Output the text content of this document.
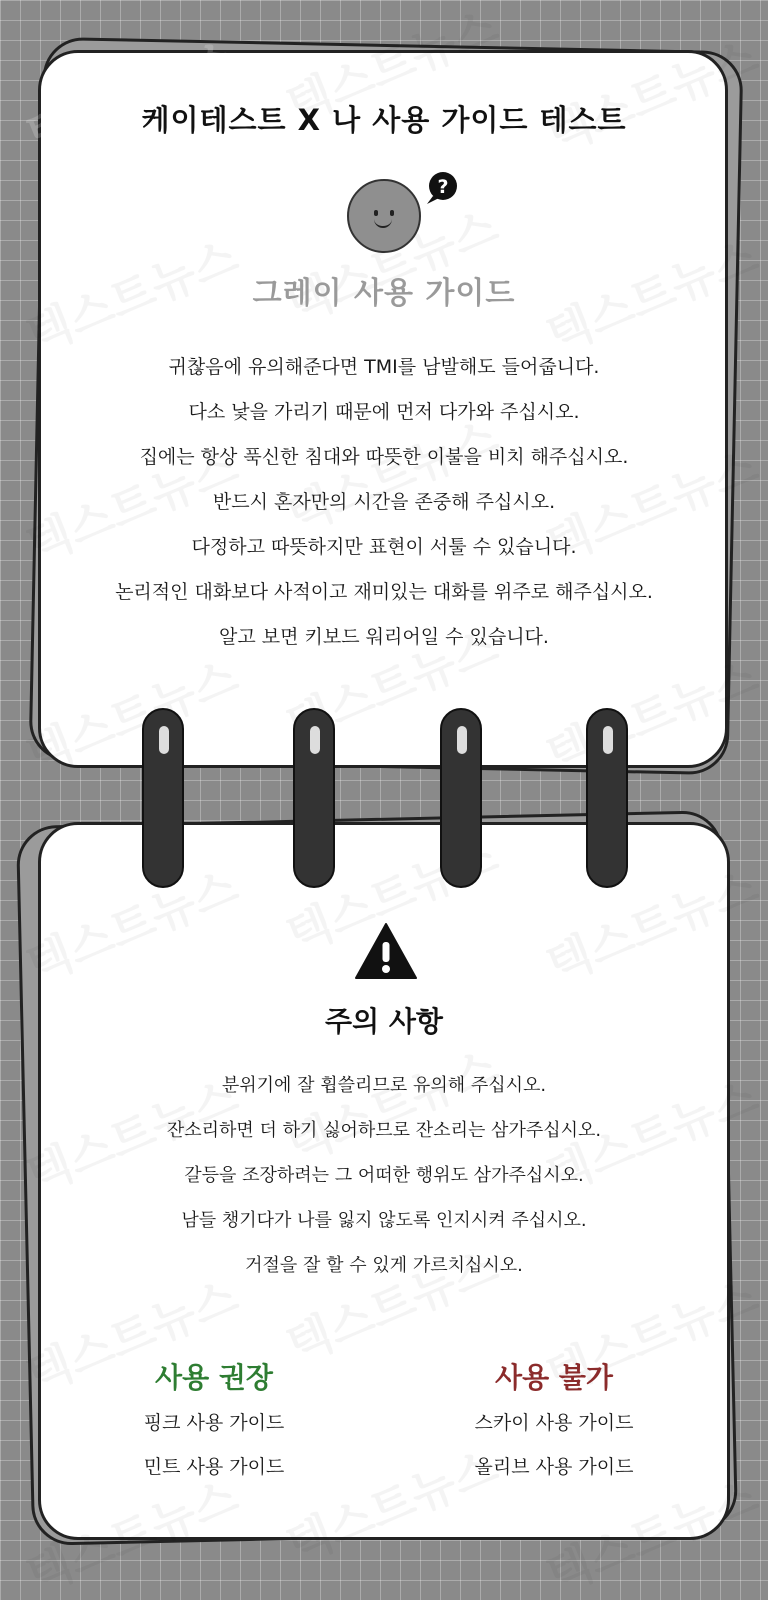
케이테스트 X 나 사용 가이드 테스트
?
그레이 사용 가이드
귀찮음에 유의해준다면 TMI를 남발해도 들어줍니다.
다소 낯을 가리기 때문에 먼저 다가와 주십시오.
집에는 항상 푹신한 침대와 따뜻한 이불을 비치 해주십시오.
반드시 혼자만의 시간을 존중해 주십시오.
다정하고 따뜻하지만 표현이 서툴 수 있습니다.
논리적인 대화보다 사적이고 재미있는 대화를 위주로 해주십시오.
알고 보면 키보드 워리어일 수 있습니다.
주의 사항
분위기에 잘 휩쓸리므로 유의해 주십시오.
잔소리하면 더 하기 싫어하므로 잔소리는 삼가주십시오.
갈등을 조장하려는 그 어떠한 행위도 삼가주십시오.
남들 챙기다가 나를 잃지 않도록 인지시켜 주십시오.
거절을 잘 할 수 있게 가르치십시오.
사용 권장
핑크 사용 가이드
민트 사용 가이드
사용 불가
스카이 사용 가이드
올리브 사용 가이드
